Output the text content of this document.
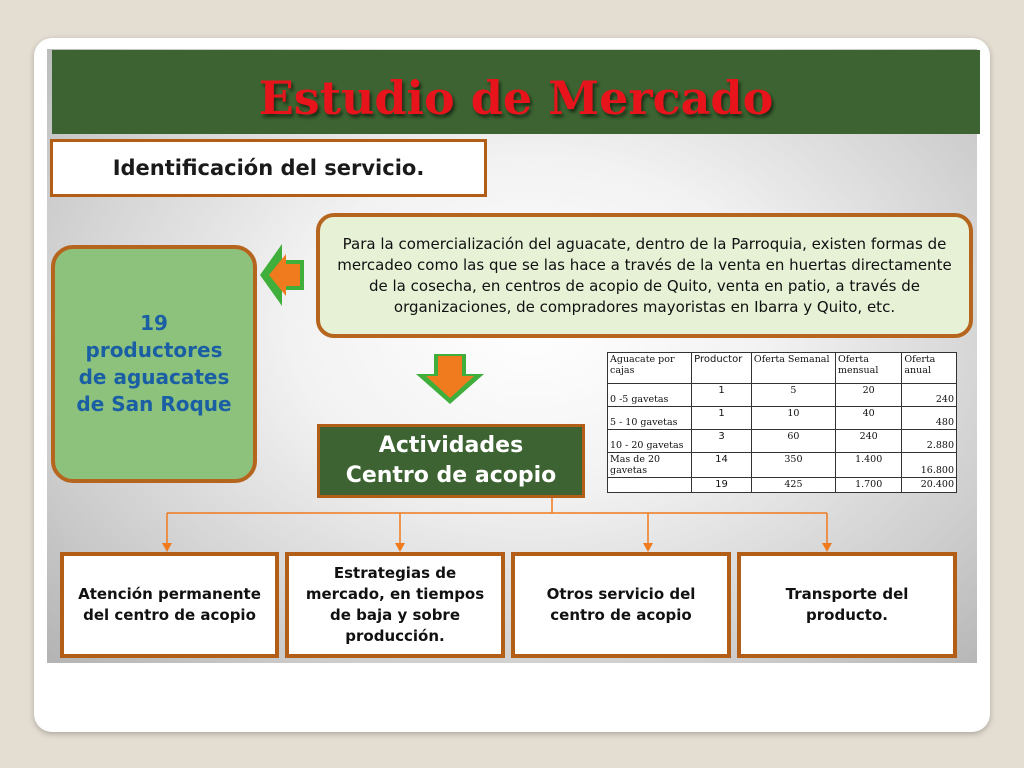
Estudio de Mercado
Identificación del servicio.
Para la comercialización del aguacate, dentro de la Parroquia, existen formas de mercadeo como las que se las hace a través de la venta en huertas directamente de la cosecha, en centros de acopio de Quito, venta en patio, a través de organizaciones, de compradores mayoristas en Ibarra y Quito, etc.
19 productores de aguacates de San Roque
Actividades
Centro de acopio
Atención permanente del centro de acopio
Estrategias de mercado, en tiempos de baja y sobre producción.
Otros servicio del centro de acopio
Transporte del producto.
Aguacate por cajas	Productor	Oferta Semanal	Oferta mensual	Oferta anual
0 -5 gavetas	1	5	20	240
5 - 10 gavetas	1	10	40	480
10 - 20 gavetas	3	60	240	2.880
Mas de 20 gavetas	14	350	1.400	16.800
	19	425	1.700	20.400
